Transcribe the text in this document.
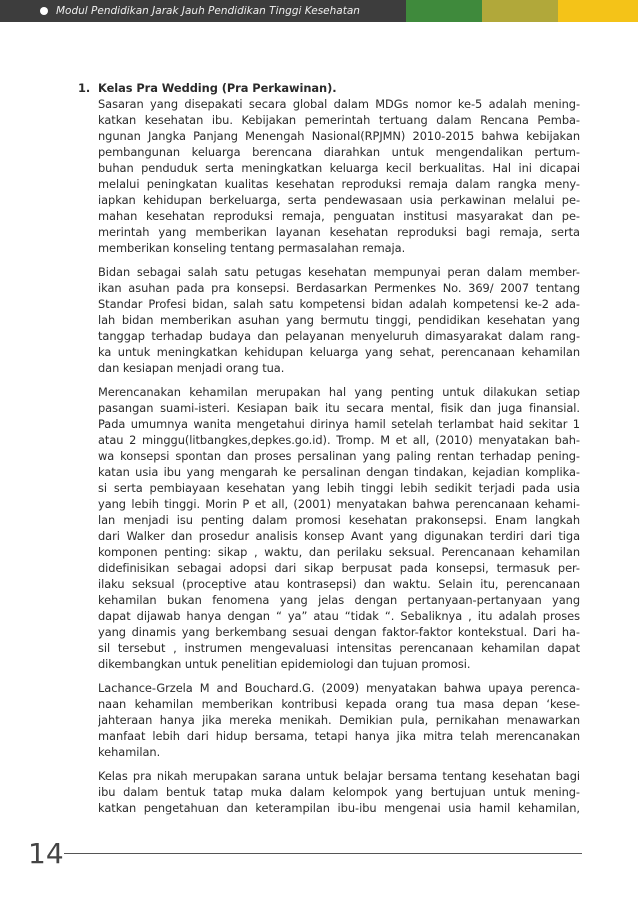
Modul Pendidikan Jarak Jauh Pendidikan Tinggi Kesehatan
1. Kelas Pra Wedding (Pra Perkawinan).
Sasaran yang disepakati secara global dalam MDGs nomor ke-5 adalah mening-
katkan kesehatan ibu. Kebijakan pemerintah tertuang dalam Rencana Pemba-
ngunan Jangka Panjang Menengah Nasional(RPJMN) 2010-2015 bahwa kebijakan
pembangunan keluarga berencana diarahkan untuk mengendalikan pertum-
buhan penduduk serta meningkatkan keluarga kecil berkualitas. Hal ini dicapai
melalui peningkatan kualitas kesehatan reproduksi remaja dalam rangka meny-
iapkan kehidupan berkeluarga, serta pendewasaan usia perkawinan melalui pe-
mahan kesehatan reproduksi remaja, penguatan institusi masyarakat dan pe-
merintah yang memberikan layanan kesehatan reproduksi bagi remaja, serta
memberikan konseling tentang permasalahan remaja.
Bidan sebagai salah satu petugas kesehatan mempunyai peran dalam member-
ikan asuhan pada pra konsepsi. Berdasarkan Permenkes No. 369/ 2007 tentang
Standar Profesi bidan, salah satu kompetensi bidan adalah kompetensi ke-2 ada-
lah bidan memberikan asuhan yang bermutu tinggi, pendidikan kesehatan yang
tanggap terhadap budaya dan pelayanan menyeluruh dimasyarakat dalam rang-
ka untuk meningkatkan kehidupan keluarga yang sehat, perencanaan kehamilan
dan kesiapan menjadi orang tua.
Merencanakan kehamilan merupakan hal yang penting untuk dilakukan setiap
pasangan suami-isteri. Kesiapan baik itu secara mental, fisik dan juga finansial.
Pada umumnya wanita mengetahui dirinya hamil setelah terlambat haid sekitar 1
atau 2 minggu(litbangkes,depkes.go.id). Tromp. M et all, (2010) menyatakan bah-
wa konsepsi spontan dan proses persalinan yang paling rentan terhadap pening-
katan usia ibu yang mengarah ke persalinan dengan tindakan, kejadian komplika-
si serta pembiayaan kesehatan yang lebih tinggi lebih sedikit terjadi pada usia
yang lebih tinggi. Morin P et all, (2001) menyatakan bahwa perencanaan kehami-
lan menjadi isu penting dalam promosi kesehatan prakonsepsi. Enam langkah
dari Walker dan prosedur analisis konsep Avant yang digunakan terdiri dari tiga
komponen penting: sikap , waktu, dan perilaku seksual. Perencanaan kehamilan
didefinisikan sebagai adopsi dari sikap berpusat pada konsepsi, termasuk per-
ilaku seksual (proceptive atau kontrasepsi) dan waktu. Selain itu, perencanaan
kehamilan bukan fenomena yang jelas dengan pertanyaan-pertanyaan yang
dapat dijawab hanya dengan “ ya” atau “tidak “. Sebaliknya , itu adalah proses
yang dinamis yang berkembang sesuai dengan faktor-faktor kontekstual. Dari ha-
sil tersebut , instrumen mengevaluasi intensitas perencanaan kehamilan dapat
dikembangkan untuk penelitian epidemiologi dan tujuan promosi.
Lachance-Grzela M and Bouchard.G. (2009) menyatakan bahwa upaya perenca-
naan kehamilan memberikan kontribusi kepada orang tua masa depan ‘kese-
jahteraan hanya jika mereka menikah. Demikian pula, pernikahan menawarkan
manfaat lebih dari hidup bersama, tetapi hanya jika mitra telah merencanakan
kehamilan.
Kelas pra nikah merupakan sarana untuk belajar bersama tentang kesehatan bagi
ibu dalam bentuk tatap muka dalam kelompok yang bertujuan untuk mening-
katkan pengetahuan dan keterampilan ibu-ibu mengenai usia hamil kehamilan,
14
